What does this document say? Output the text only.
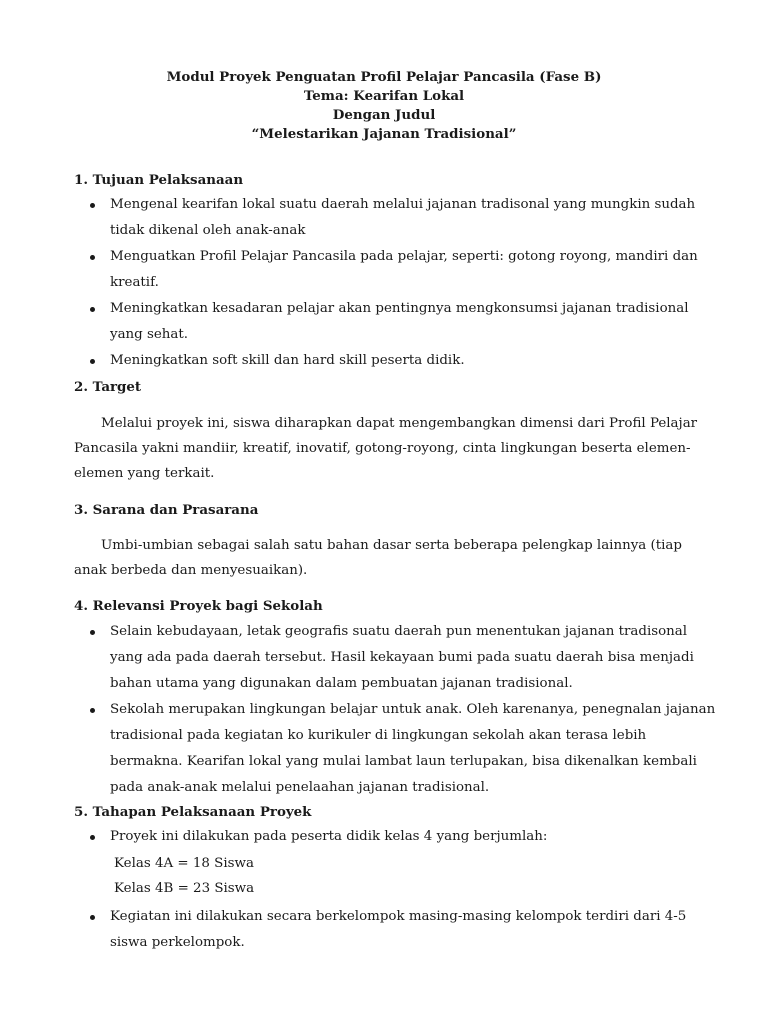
Modul Proyek Penguatan Profil Pelajar Pancasila (Fase B)
Tema: Kearifan Lokal
Dengan Judul
“Melestarikan Jajanan Tradisional”
1. Tujuan Pelaksanaan
Mengenal kearifan lokal suatu daerah melalui jajanan tradisonal yang mungkin sudah
tidak dikenal oleh anak-anak
Menguatkan Profil Pelajar Pancasila pada pelajar, seperti: gotong royong, mandiri dan
kreatif.
Meningkatkan kesadaran pelajar akan pentingnya mengkonsumsi jajanan tradisional
yang sehat.
Meningkatkan soft skill dan hard skill peserta didik.
2. Target
Melalui proyek ini, siswa diharapkan dapat mengembangkan dimensi dari Profil Pelajar
Pancasila yakni mandiir, kreatif, inovatif, gotong-royong, cinta lingkungan beserta elemen-
elemen yang terkait.
3. Sarana dan Prasarana
Umbi-umbian sebagai salah satu bahan dasar serta beberapa pelengkap lainnya (tiap
anak berbeda dan menyesuaikan).
4. Relevansi Proyek bagi Sekolah
Selain kebudayaan, letak geografis suatu daerah pun menentukan jajanan tradisonal
yang ada pada daerah tersebut. Hasil kekayaan bumi pada suatu daerah bisa menjadi
bahan utama yang digunakan dalam pembuatan jajanan tradisional.
Sekolah merupakan lingkungan belajar untuk anak. Oleh karenanya, penegnalan jajanan
tradisional pada kegiatan ko kurikuler di lingkungan sekolah akan terasa lebih
bermakna. Kearifan lokal yang mulai lambat laun terlupakan, bisa dikenalkan kembali
pada anak-anak melalui penelaahan jajanan tradisional.
5. Tahapan Pelaksanaan Proyek
Proyek ini dilakukan pada peserta didik kelas 4 yang berjumlah:
Kelas 4A = 18 Siswa
Kelas 4B = 23 Siswa
Kegiatan ini dilakukan secara berkelompok masing-masing kelompok terdiri dari 4-5
siswa perkelompok.
